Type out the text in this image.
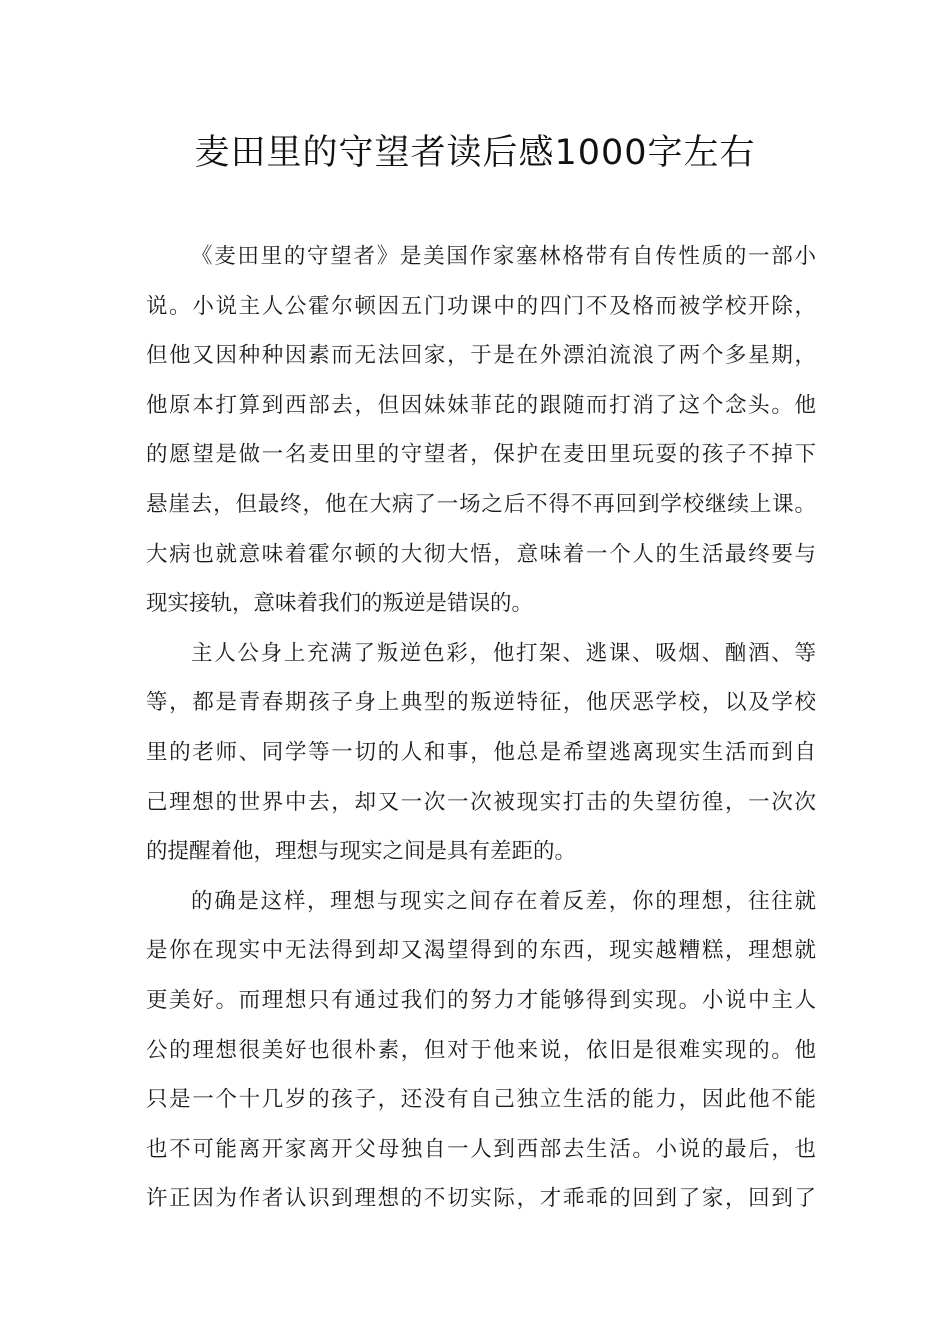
麦田里的守望者读后感1000字左右
《麦田里的守望者》是美国作家塞林格带有自传性质的一部小
说。小说主人公霍尔顿因五门功课中的四门不及格而被学校开除，
但他又因种种因素而无法回家，于是在外漂泊流浪了两个多星期，
他原本打算到西部去，但因妹妹菲芘的跟随而打消了这个念头。他
的愿望是做一名麦田里的守望者，保护在麦田里玩耍的孩子不掉下
悬崖去，但最终，他在大病了一场之后不得不再回到学校继续上课。
大病也就意味着霍尔顿的大彻大悟，意味着一个人的生活最终要与
现实接轨，意味着我们的叛逆是错误的。
主人公身上充满了叛逆色彩，他打架、逃课、吸烟、酗酒、等
等，都是青春期孩子身上典型的叛逆特征，他厌恶学校，以及学校
里的老师、同学等一切的人和事，他总是希望逃离现实生活而到自
己理想的世界中去，却又一次一次被现实打击的失望彷徨，一次次
的提醒着他，理想与现实之间是具有差距的。
的确是这样，理想与现实之间存在着反差，你的理想，往往就
是你在现实中无法得到却又渴望得到的东西，现实越糟糕，理想就
更美好。而理想只有通过我们的努力才能够得到实现。小说中主人
公的理想很美好也很朴素，但对于他来说，依旧是很难实现的。他
只是一个十几岁的孩子，还没有自己独立生活的能力，因此他不能
也不可能离开家离开父母独自一人到西部去生活。小说的最后，也
许正因为作者认识到理想的不切实际，才乖乖的回到了家，回到了
